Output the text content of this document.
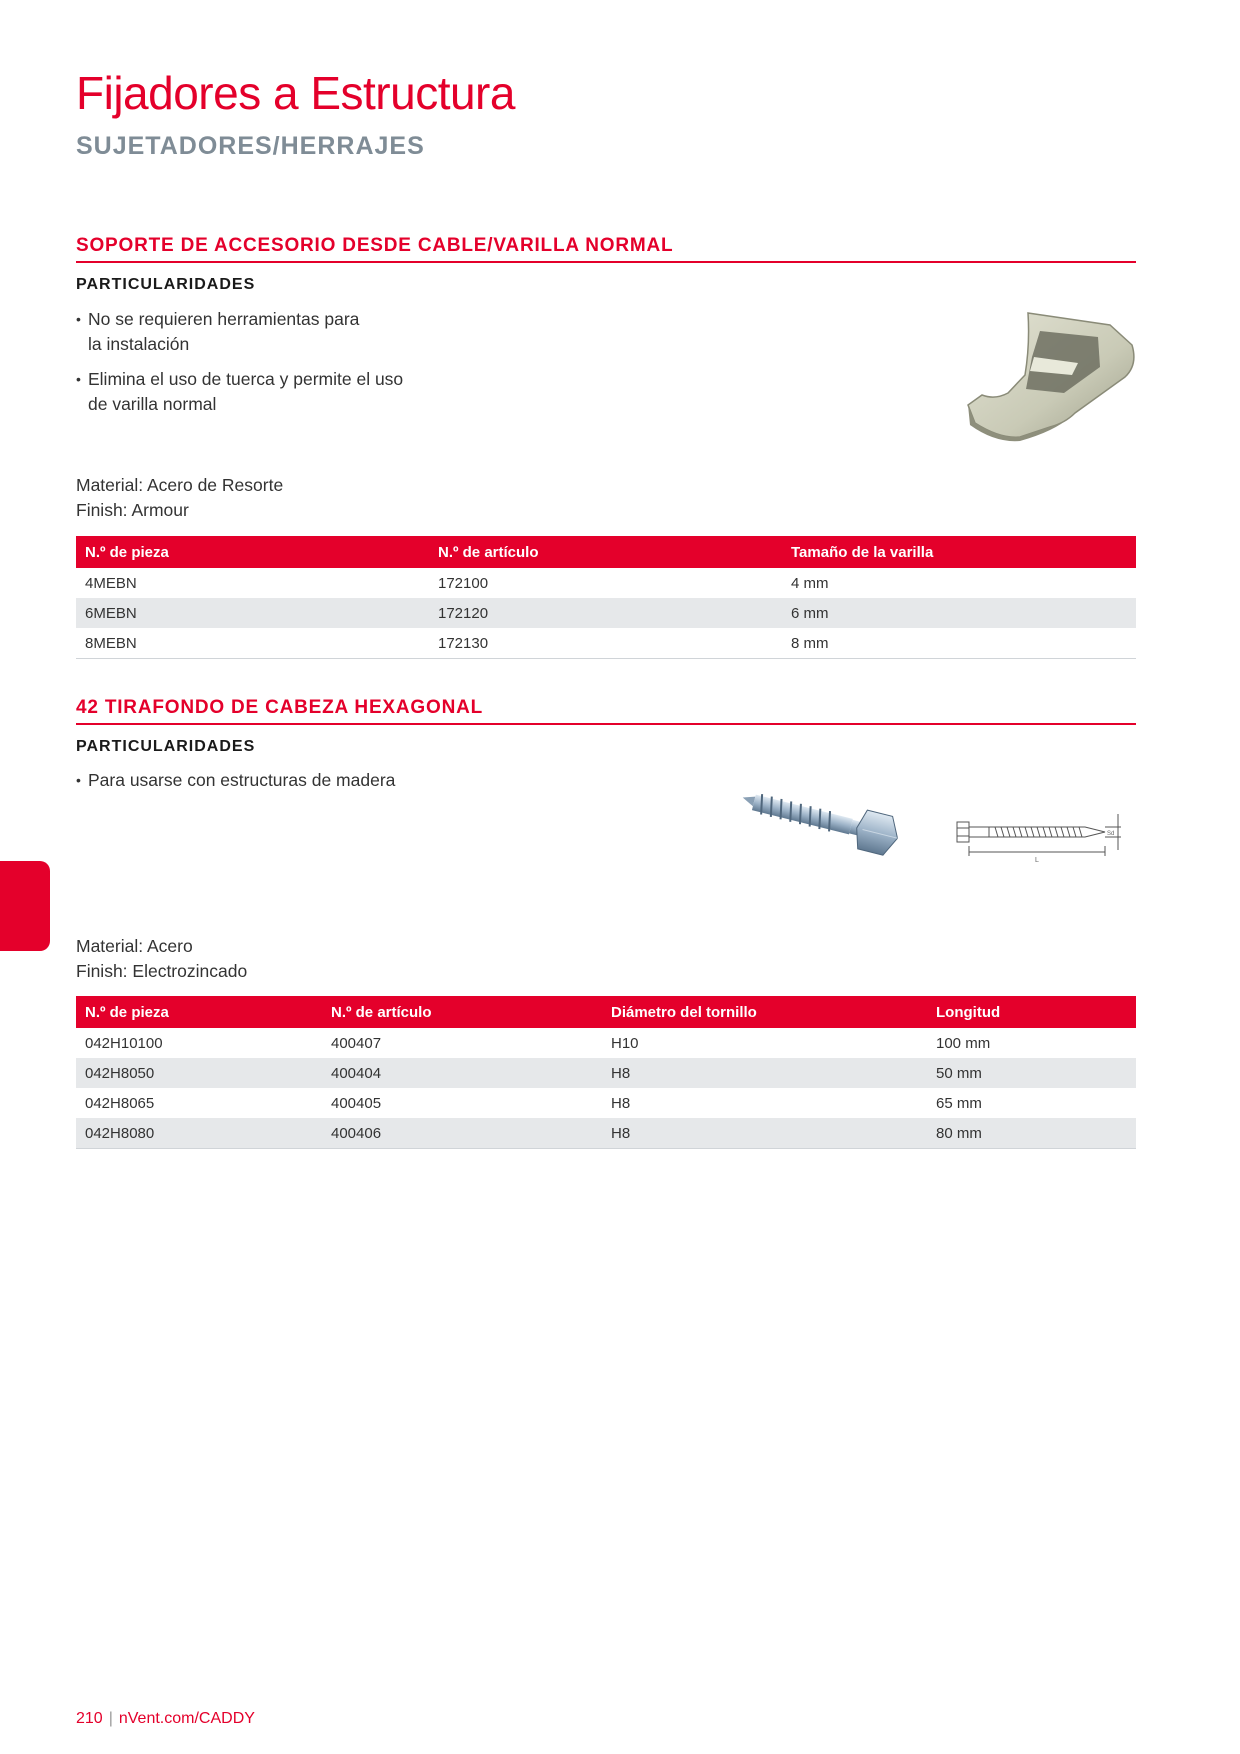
Fijadores a Estructura
SUJETADORES/HERRAJES
SOPORTE DE ACCESORIO DESDE CABLE/VARILLA NORMAL
PARTICULARIDADES
• No se requieren herramientas para
la instalación
• Elimina el uso de tuerca y permite el uso
de varilla normal
Material: Acero de Resorte
Finish: Armour
N.º de pieza	N.º de artículo	Tamaño de la varilla
4MEBN	172100	4 mm
6MEBN	172120	6 mm
8MEBN	172130	8 mm
42 TIRAFONDO DE CABEZA HEXAGONAL
PARTICULARIDADES
• Para usarse con estructuras de madera
L
Sd
Material: Acero
Finish: Electrozincado
N.º de pieza	N.º de artículo	Diámetro del tornillo	Longitud
042H10100	400407	H10	100 mm
042H8050	400404	H8	50 mm
042H8065	400405	H8	65 mm
042H8080	400406	H8	80 mm
210 | nVent.com/CADDY
